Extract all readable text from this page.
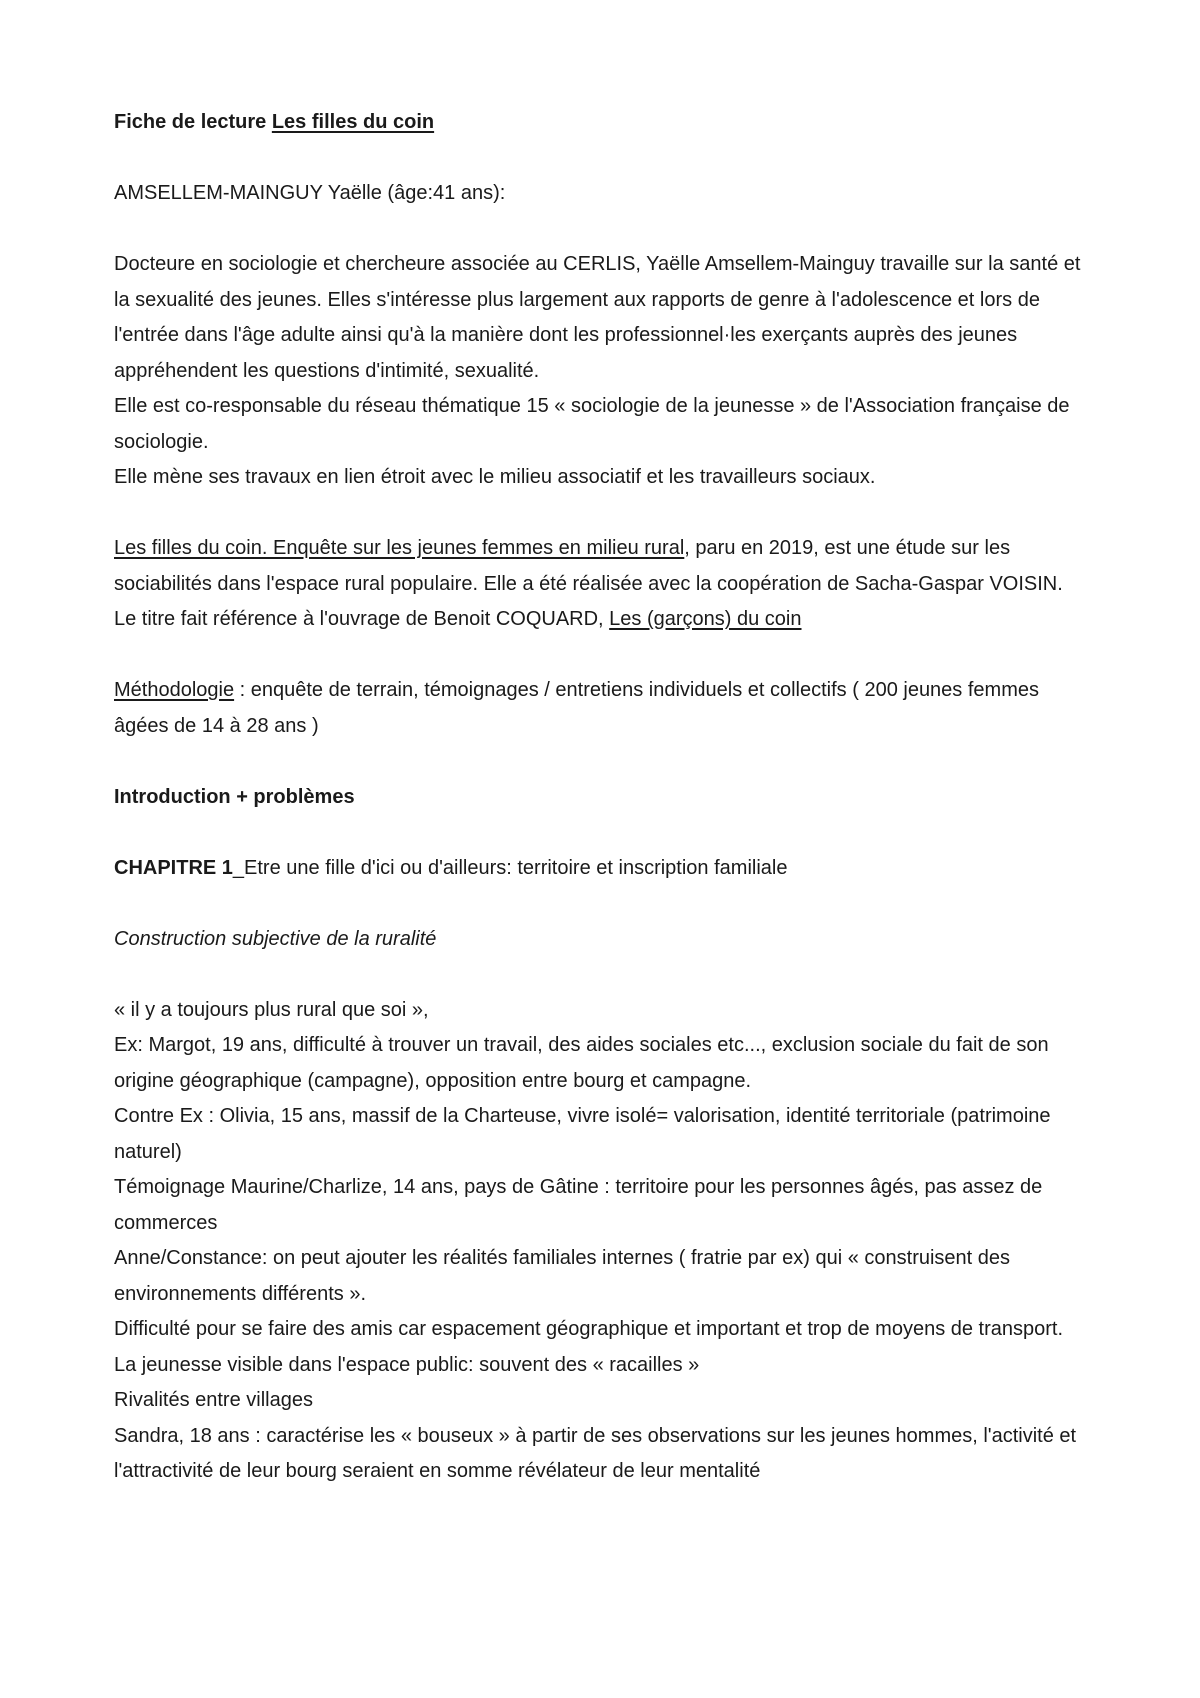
Fiche de lecture Les filles du coin

AMSELLEM-MAINGUY Yaëlle (âge:41 ans):

Docteure en sociologie et chercheure associée au CERLIS, Yaëlle Amsellem-Mainguy travaille sur la santé et la sexualité des jeunes. Elles s'intéresse plus largement aux rapports de genre à l'adolescence et lors de l'entrée dans l'âge adulte ainsi qu'à la manière dont les professionnel·les exerçants auprès des jeunes appréhendent les questions d'intimité, sexualité.

Elle est co-responsable du réseau thématique 15 « sociologie de la jeunesse » de l'Association française de sociologie.

Elle mène ses travaux en lien étroit avec le milieu associatif et les travailleurs sociaux.

Les filles du coin. Enquête sur les jeunes femmes en milieu rural, paru en 2019, est une étude sur les sociabilités dans l'espace rural populaire. Elle a été réalisée avec la coopération de Sacha-Gaspar VOISIN.

Le titre fait référence à l'ouvrage de Benoit COQUARD, Les (garçons) du coin

Méthodologie : enquête de terrain, témoignages / entretiens individuels et collectifs ( 200 jeunes femmes âgées de 14 à 28 ans )

Introduction + problèmes

CHAPITRE 1_Etre une fille d'ici ou d'ailleurs: territoire et inscription familiale

Construction subjective de la ruralité

« il y a toujours plus rural que soi »,

Ex: Margot, 19 ans, difficulté à trouver un travail, des aides sociales etc..., exclusion sociale du fait de son origine géographique (campagne), opposition entre bourg et campagne.

Contre Ex : Olivia, 15 ans, massif de la Charteuse, vivre isolé= valorisation, identité territoriale (patrimoine naturel)

Témoignage Maurine/Charlize, 14 ans, pays de Gâtine : territoire pour les personnes âgés, pas assez de commerces

Anne/Constance: on peut ajouter les réalités familiales internes ( fratrie par ex) qui « construisent des environnements différents ».

Difficulté pour se faire des amis car espacement géographique et important et trop de moyens de transport.

La jeunesse visible dans l'espace public: souvent des « racailles »

Rivalités entre villages

Sandra, 18 ans : caractérise les « bouseux » à partir de ses observations sur les jeunes hommes, l'activité et l'attractivité de leur bourg seraient en somme révélateur de leur mentalité
